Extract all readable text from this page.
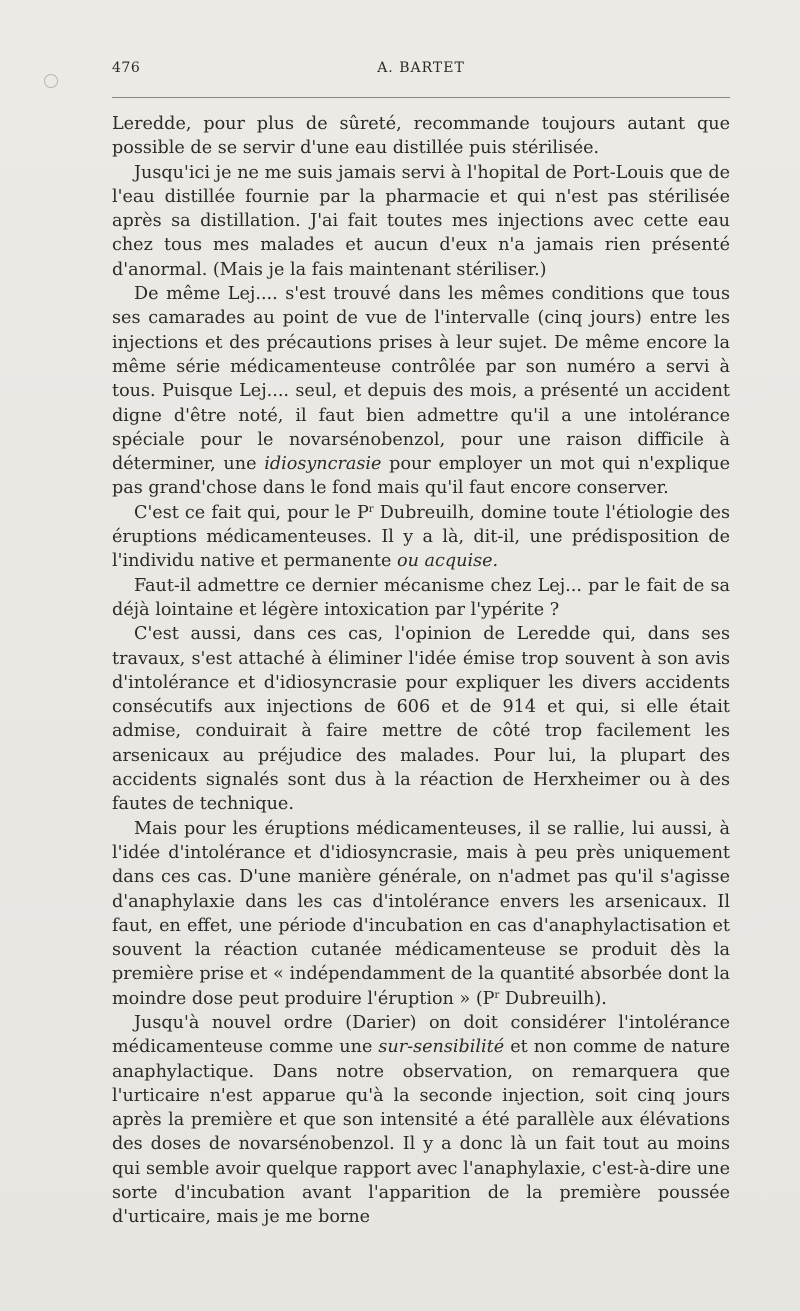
476	A. BARTET

Leredde, pour plus de sûreté, recommande toujours autant que possible de se servir d'une eau distillée puis stérilisée.

Jusqu'ici je ne me suis jamais servi à l'hopital de Port-Louis que de l'eau distillée fournie par la pharmacie et qui n'est pas stérilisée après sa distillation. J'ai fait toutes mes injections avec cette eau chez tous mes malades et aucun d'eux n'a jamais rien présenté d'anormal. (Mais je la fais maintenant stériliser.)

De même Lej.... s'est trouvé dans les mêmes conditions que tous ses camarades au point de vue de l'intervalle (cinq jours) entre les injections et des précautions prises à leur sujet. De même encore la même série médicamenteuse contrôlée par son numéro a servi à tous. Puisque Lej.... seul, et depuis des mois, a présenté un accident digne d'être noté, il faut bien admettre qu'il a une intolérance spéciale pour le novarsénobenzol, pour une raison difficile à déterminer, une idiosyncrasie pour employer un mot qui n'explique pas grand'chose dans le fond mais qu'il faut encore conserver.

C'est ce fait qui, pour le $P^r$ Dubreuilh, domine toute l'étiologie des éruptions médicamenteuses. Il y a là, dit-il, une prédisposition de l'individu native et permanente ou acquise.

Faut-il admettre ce dernier mécanisme chez Lej... par le fait de sa déjà lointaine et légère intoxication par l'ypérite ?

C'est aussi, dans ces cas, l'opinion de Leredde qui, dans ses travaux, s'est attaché à éliminer l'idée émise trop souvent à son avis d'intolérance et d'idiosyncrasie pour expliquer les divers accidents consécutifs aux injections de 606 et de 914 et qui, si elle était admise, conduirait à faire mettre de côté trop facilement les arsenicaux au préjudice des malades. Pour lui, la plupart des accidents signalés sont dus à la réaction de Herxheimer ou à des fautes de technique.

Mais pour les éruptions médicamenteuses, il se rallie, lui aussi, à l'idée d'intolérance et d'idiosyncrasie, mais à peu près uniquement dans ces cas. D'une manière générale, on n'admet pas qu'il s'agisse d'anaphylaxie dans les cas d'intolérance envers les arsenicaux. Il faut, en effet, une période d'incubation en cas d'anaphylactisation et souvent la réaction cutanée médicamenteuse se produit dès la première prise et « indépendamment de la quantité absorbée dont la moindre dose peut produire l'éruption » ($P^r$ Dubreuilh).

Jusqu'à nouvel ordre (Darier) on doit considérer l'intolérance médicamenteuse comme une sur-sensibilité et non comme de nature anaphylactique. Dans notre observation, on remarquera que l'urticaire n'est apparue qu'à la seconde injection, soit cinq jours après la première et que son intensité a été parallèle aux élévations des doses de novarsénobenzol. Il y a donc là un fait tout au moins qui semble avoir quelque rapport avec l'anaphylaxie, c'est-à-dire une sorte d'incubation avant l'apparition de la première poussée d'urticaire, mais je me borne
